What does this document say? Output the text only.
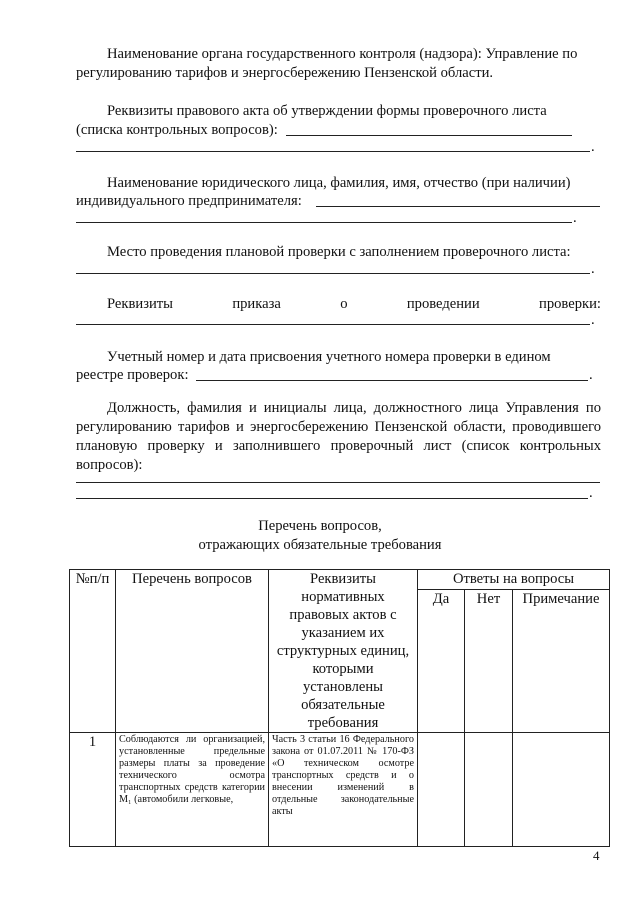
Наименование органа государственного контроля (надзора): Управление по
регулированию тарифов и энергосбережению Пензенской области.
Реквизиты правового акта об утверждении формы проверочного листа
(списка контрольных вопросов):
.
Наименование юридического лица, фамилия, имя, отчество (при наличии)
индивидуального предпринимателя:
.
Место проведения плановой проверки с заполнением проверочного листа:
.
Реквизиты	приказа	о	проведении	проверки:
.
Учетный номер и дата присвоения учетного номера проверки в едином
реестре проверок:	.
Должность, фамилия и инициалы лица, должностного лица Управления по регулированию тарифов и энергосбережению Пензенской области, проводившего плановую проверку и заполнившего проверочный лист (список контрольных вопросов):
.
Перечень вопросов,
отражающих обязательные требования
№п/п	Перечень вопросов	Реквизиты нормативных правовых актов с указанием их структурных единиц, которыми установлены обязательные требования	Ответы на вопросы		
			Да	Нет	Примечание
1	Соблюдаются ли организацией, установленные предельные размеры платы за проведение технического осмотра транспортных средств категории M₁ (автомобили легковые,	Часть 3 статьи 16 Федерального закона от 01.07.2011 № 170-ФЗ «О техническом осмотре транспортных средств и о внесении изменений в отдельные законодательные акты			
4
